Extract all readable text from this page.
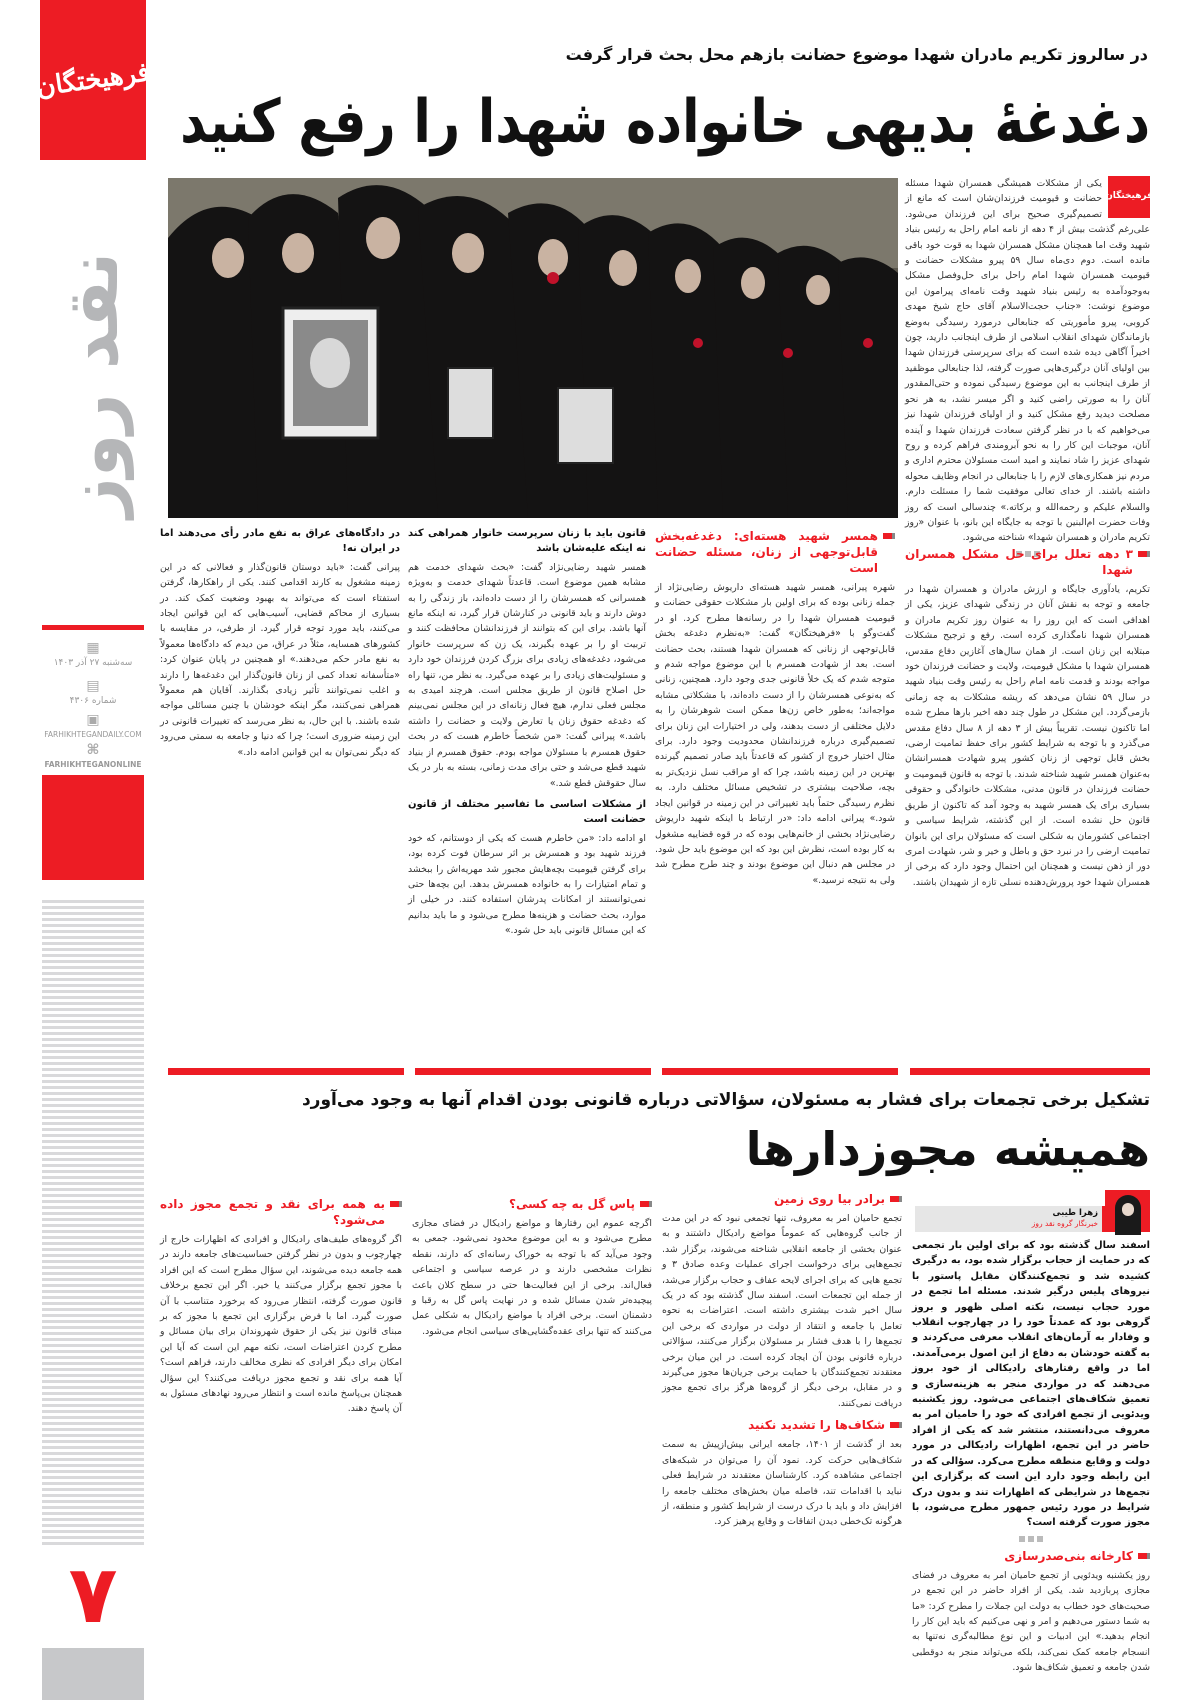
فرهیختگان
نقد روز
▦
سه‌شنبه ۲۷ آذر ۱۴۰۳
▤
شماره ۴۳۰۶
▣
FARHIKHTEGANDAILY.COM
⌘
FARHIKHTEGANONLINE
۷
در سالروز تکریم مادران شهدا موضوع حضانت بازهم محل بحث قرار گرفت
دغدغهٔ بدیهی خانواده شهدا را رفع کنید
فرهیختگان

یکی از مشکلات همیشگی همسران شهدا مسئله حضانت و قیومیت فرزندان‌شان است که مانع از تصمیم‌گیری صحیح برای این فرزندان می‌شود. علی‌رغم گذشت بیش از ۴ دهه از نامه امام راحل به رئیس بنیاد شهید وقت اما همچنان مشکل همسران شهدا به قوت خود باقی مانده است. دوم دی‌ماه سال ۵۹ پیرو مشکلات حضانت و قیومیت همسران شهدا امام راحل برای حل‌وفصل مشکل به‌وجودآمده به رئیس بنیاد شهید وقت نامه‌ای پیرامون این موضوع نوشت: «جناب حجت‌الاسلام آقای حاج شیخ مهدی کروبی، پیرو مأموریتی که جنابعالی درمورد رسیدگی به‌وضع بازماندگان شهدای انقلاب اسلامی از طرف اینجانب دارید، چون اخیراً آگاهی دیده شده است که برای سرپرستی فرزندان شهدا بین اولیای آنان درگیری‌هایی صورت گرفته، لذا جنابعالی موظفید از طرف اینجانب به این موضوع رسیدگی نموده و حتی‌المقدور آنان را به صورتی راضی کنید و اگر میسر نشد، به هر نحو مصلحت دیدید رفع مشکل کنید و از اولیای فرزندان شهدا نیز می‌خواهیم که با در نظر گرفتن سعادت فرزندان شهدا و آینده آنان، موجبات این کار را به نحو آبرومندی فراهم کرده و روح شهدای عزیز را شاد نمایند و امید است مسئولان محترم اداری و مردم نیز همکاری‌های لازم را با جنابعالی در انجام وظایف محوله داشته باشند. از خدای تعالی موفقیت شما را مسئلت دارم. والسلام علیکم و رحمه‌الله و برکاته.» چندسالی است که روز وفات حضرت ام‌البنین با توجه به جایگاه این بانو، با عنوان «روز تکریم مادران و همسران شهدا» شناخته می‌شود.

۳ دهه تعلل برای حل مشکل همسران شهدا

تکریم، یادآوری جایگاه و ارزش مادران و همسران شهدا در جامعه و توجه به نقش آنان در زندگی شهدای عزیز، یکی از اهدافی است که این روز را به عنوان روز تکریم مادران و همسران شهدا نامگذاری کرده است. رفع و ترجیح مشکلات مبتلابه این زنان است. از همان سال‌های آغازین دفاع مقدس، همسران شهدا با مشکل قیومیت، ولایت و حضانت فرزندان خود مواجه بودند و قدمت نامه امام راحل به رئیس وقت بنیاد شهید در سال ۵۹ نشان می‌دهد که ریشه مشکلات به چه زمانی بازمی‌گردد. این مشکل در طول چند دهه اخیر بارها مطرح شده اما تاکنون نیست. تقریباً بیش از ۳ دهه از ۸ سال دفاع مقدس می‌گذرد و با توجه به شرایط کشور برای حفظ تمامیت ارضی، بخش قابل توجهی از زنان کشور پیرو شهادت همسرانشان به‌عنوان همسر شهید شناخته شدند. با توجه به قانون قیمومیت و حضانت فرزندان در قانون مدنی، مشکلات خانوادگی و حقوقی بسیاری برای یک همسر شهید به وجود آمد که تاکنون از طریق قانون حل نشده است. از این گذشته، شرایط سیاسی و اجتماعی کشورمان به شکلی است که مسئولان برای این بانوان تمامیت ارضی را در نبرد حق و باطل و خیر و شر، شهادت امری دور از ذهن نیست و همچنان این احتمال وجود دارد که برخی از همسران شهدا خود پرورش‌دهنده نسلی تازه از شهیدان باشند.

همسر شهید هسته‌ای: دغدغه‌بخش قابل‌توجهی از زنان، مسئله حضانت است

شهره پیرانی، همسر شهید هسته‌ای داریوش رضایی‌نژاد از جمله زنانی بوده که برای اولین بار مشکلات حقوقی حضانت و قیومیت همسران شهدا را در رسانه‌ها مطرح کرد. او در گفت‌وگو با «فرهیختگان» گفت: «به‌نظرم دغدغه بخش قابل‌توجهی از زنانی که همسران شهدا هستند، بحث حضانت است. بعد از شهادت همسرم با این موضوع مواجه شدم و متوجه شدم که یک خلأ قانونی جدی وجود دارد. همچنین، زنانی که به‌نوعی همسرشان را از دست داده‌اند، با مشکلاتی مشابه مواجه‌اند؛ به‌طور خاص زن‌ها ممکن است شوهرشان را به دلایل مختلفی از دست بدهند، ولی در اختیارات این زنان برای تصمیم‌گیری درباره فرزندانشان محدودیت وجود دارد. برای مثال اختیار خروج از کشور که قاعدتاً باید صادر تصمیم گیرنده بهترین در این زمینه باشد، چرا که او مراقب نسل نزدیک‌تر به بچه، صلاحیت بیشتری در تشخیص مسائل مختلف دارد. به نظرم رسیدگی حتماً باید تغییراتی در این زمینه در قوانین ایجاد شود.» پیرانی ادامه داد: «در ارتباط با اینکه شهید داریوش رضایی‌نژاد بخشی از خانم‌هایی بوده که در قوه قضاییه مشغول به کار بوده است، نظرش این بود که این موضوع باید حل شود. در مجلس هم دنبال این موضوع بودند و چند طرح مطرح شد ولی به نتیجه نرسید.»

قانون باید با زنان سرپرست خانوار همراهی کند نه اینکه علیه‌شان باشد

همسر شهید رضایی‌نژاد گفت: «بحث شهدای خدمت هم مشابه همین موضوع است. قاعدتاً شهدای خدمت و به‌ویژه همسرانی که همسرشان را از دست داده‌اند، باز زندگی را به دوش دارند و باید قانونی در کنارشان قرار گیرد، نه اینکه مانع آنها باشد. برای این که بتوانند از فرزندانشان محافظت کنند و تربیت او را بر عهده بگیرند، یک زن که سرپرست خانوار می‌شود، دغدغه‌های زیادی برای بزرگ کردن فرزندان خود دارد و مسئولیت‌های زیادی را بر عهده می‌گیرد. به نظر من، تنها راه حل اصلاح قانون از طریق مجلس است. هرچند امیدی به مجلس فعلی ندارم، هیچ فعال زنانه‌ای در این مجلس نمی‌بینم که دغدغه حقوق زنان یا تعارض ولایت و حضانت را داشته باشد.» پیرانی گفت: «من شخصاً خاطرم هست که در بحث حقوق همسرم با مسئولان مواجه بودم. حقوق همسرم از بنیاد شهید قطع می‌شد و حتی برای مدت زمانی، بسته به بار در یک سال حقوقش قطع شد.»

از مشکلات اساسی ما تفاسیر مختلف از قانون حضانت است

او ادامه داد: «من خاطرم هست که یکی از دوستانم، که خود فرزند شهید بود و همسرش بر اثر سرطان فوت کرده بود، برای گرفتن قیومیت بچه‌هایش مجبور شد مهریه‌اش را ببخشد و تمام امتیازات را به خانواده همسرش بدهد. این بچه‌ها حتی نمی‌توانستند از امکانات پدرشان استفاده کنند. در خیلی از موارد، بحث حضانت و هزینه‌ها مطرح می‌شود و ما باید بدانیم که این مسائل قانونی باید حل شود.»

در دادگاه‌های عراق به نفع مادر رأی می‌دهند اما در ایران نه!

پیرانی گفت: «باید دوستان قانون‌گذار و فعالانی که در این زمینه مشغول به کارند اقدامی کنند. یکی از راهکارها، گرفتن استفتاء است که می‌تواند به بهبود وضعیت کمک کند. در بسیاری از محاکم قضایی، آسیب‌هایی که این قوانین ایجاد می‌کنند، باید مورد توجه قرار گیرد. از طرفی، در مقایسه با کشورهای همسایه، مثلاً در عراق، من دیدم که دادگاه‌ها معمولاً به نفع مادر حکم می‌دهند.» او همچنین در پایان عنوان کرد: «متأسفانه تعداد کمی از زنان قانون‌گذار این دغدغه‌ها را دارند و اغلب نمی‌توانند تأثیر زیادی بگذارند. آقایان هم معمولاً همراهی نمی‌کنند، مگر اینکه خودشان با چنین مسائلی مواجه شده باشند. با این حال، به نظر می‌رسد که تغییرات قانونی در این زمینه ضروری است؛ چرا که دنیا و جامعه به سمتی می‌رود که دیگر نمی‌توان به این قوانین ادامه داد.»

تشکیل برخی تجمعات برای فشار به مسئولان، سؤالاتی درباره قانونی بودن اقدام آنها به وجود می‌آورد
همیشه مجوزدارها
زهرا طیبی
خبرنگار گروه نقد روز

اسفند سال گذشته بود که برای اولین بار تجمعی که در حمایت از حجاب برگزار شده بود، به درگیری کشیده شد و تجمع‌کنندگان مقابل پاستور با نیروهای پلیس درگیر شدند. مسئله اما تجمع در مورد حجاب نیست، نکته اصلی ظهور و بروز گروهی بود که عمدتاً خود را در چهارچوب انقلاب و وفادار به آرمان‌های انقلاب معرفی می‌کردند و به گفته خودشان به دفاع از این اصول برمی‌آمدند. اما در واقع رفتارهای رادیکالی از خود بروز می‌دهند که در مواردی منجر به هزینه‌سازی و تعمیق شکاف‌های اجتماعی می‌شود. روز یکشنبه ویدئویی از تجمع افرادی که خود را حامیان امر به معروف می‌دانستند، منتشر شد که یکی از افراد حاضر در این تجمع، اظهارات رادیکالی در مورد دولت و وقایع منطقه مطرح می‌کرد. سؤالی که در این رابطه وجود دارد این است که برگزاری این تجمع‌ها در شرایطی که اظهارات تند و بدون درک شرایط در مورد رئیس جمهور مطرح می‌شود، با مجوز صورت گرفته است؟

کارخانه بنی‌صدرسازی

روز یکشنبه ویدئویی از تجمع حامیان امر به معروف در فضای مجازی پربازدید شد. یکی از افراد حاضر در این تجمع در صحبت‌های خود خطاب به دولت این جملات را مطرح کرد: «ما به شما دستور می‌دهیم و امر و نهی می‌کنیم که باید این کار را انجام بدهید.» این ادبیات و این نوع مطالبه‌گری نه‌تنها به انسجام جامعه کمک نمی‌کند، بلکه می‌تواند منجر به دوقطبی شدن جامعه و تعمیق شکاف‌ها شود.

برادر بیا روی زمین

تجمع حامیان امر به معروف، تنها تجمعی نبود که در این مدت از جانب گروه‌هایی که عموماً مواضع رادیکال داشتند و به عنوان بخشی از جامعه انقلابی شناخته می‌شوند، برگزار شد. تجمع‌هایی برای درخواست اجرای عملیات وعده صادق ۳ و تجمع هایی که برای اجرای لایحه عفاف و حجاب برگزار می‌شد، از جمله این تجمعات است. اسفند سال گذشته بود که در یک سال اخیر شدت بیشتری داشته است. اعتراضات به نحوه تعامل با جامعه و انتقاد از دولت در مواردی که برخی این تجمع‌ها را با هدف فشار بر مسئولان برگزار می‌کنند، سؤالاتی درباره قانونی بودن آن ایجاد کرده است. در این میان برخی معتقدند تجمع‌کنندگان با حمایت برخی جریان‌ها مجوز می‌گیرند و در مقابل، برخی دیگر از گروه‌ها هرگز برای تجمع مجوز دریافت نمی‌کنند.

شکاف‌ها را تشدید نکنید

بعد از گذشت از ۱۴۰۱، جامعه ایرانی بیش‌ازپیش به سمت شکاف‌هایی حرکت کرد. نمود آن را می‌توان در شبکه‌های اجتماعی مشاهده کرد. کارشناسان معتقدند در شرایط فعلی نباید با اقدامات تند، فاصله میان بخش‌های مختلف جامعه را افزایش داد و باید با درک درست از شرایط کشور و منطقه، از هرگونه تک‌خطی دیدن اتفاقات و وقایع پرهیز کرد.

پاس گل به چه کسی؟

اگرچه عموم این رفتارها و مواضع رادیکال در فضای مجازی مطرح می‌شود و به این موضوع محدود نمی‌شود. جمعی به وجود می‌آید که با توجه به خوراک رسانه‌ای که دارند، نقطه نظرات مشخصی دارند و در عرصه سیاسی و اجتماعی فعال‌اند. برخی از این فعالیت‌ها حتی در سطح کلان باعث پیچیده‌تر شدن مسائل شده و در نهایت پاس گل به رقبا و دشمنان است. برخی افراد با مواضع رادیکال به شکلی عمل می‌کنند که تنها برای عقده‌گشایی‌های سیاسی انجام می‌شود.

به همه برای نقد و تجمع مجوز داده می‌شود؟

اگر گروه‌های طیف‌های رادیکال و افرادی که اظهارات خارج از چهارچوب و بدون در نظر گرفتن حساسیت‌های جامعه دارند در همه جامعه دیده می‌شوند، این سؤال مطرح است که این افراد با مجوز تجمع برگزار می‌کنند یا خیر. اگر این تجمع برخلاف قانون صورت گرفته، انتظار می‌رود که برخورد متناسب با آن صورت گیرد. اما با فرض برگزاری این تجمع با مجوز که بر مبنای قانون نیز یکی از حقوق شهروندان برای بیان مسائل و مطرح کردن اعتراضات است، نکته مهم این است که آیا این امکان برای دیگر افرادی که نظری مخالف دارند، فراهم است؟ آیا همه برای نقد و تجمع مجوز دریافت می‌کنند؟ این سؤال همچنان بی‌پاسخ مانده است و انتظار می‌رود نهادهای مسئول به آن پاسخ دهند.
